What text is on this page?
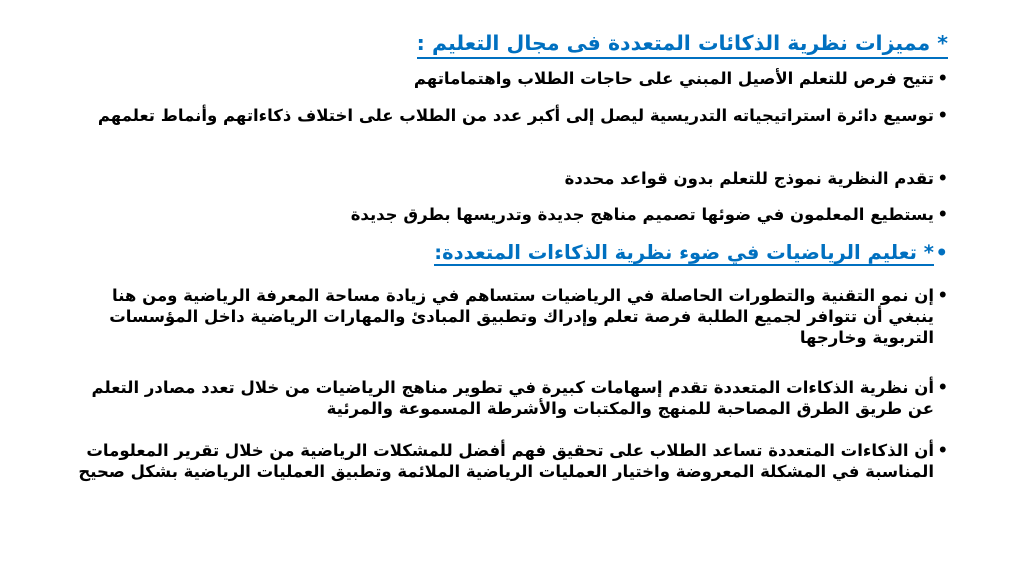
* مميزات نظرية الذكائات المتعددة فى مجال التعليم :
• تتيح فرص للتعلم الأصيل المبني على حاجات الطلاب واهتماماتهم
• توسيع دائرة استراتيجياته التدريسية ليصل إلى أكبر عدد من الطلاب على اختلاف ذكاءاتهم وأنماط تعلمهم
• تقدم النظرية نموذج للتعلم بدون قواعد محددة
• يستطيع المعلمون في ضوئها تصميم مناهج جديدة وتدريسها بطرق جديدة
• * تعليم الرياضيات في ضوء نظرية الذكاءات المتعددة:
• إن نمو التقنية والتطورات الحاصلة في الرياضيات ستساهم في زيادة مساحة المعرفة الرياضية ومن هنا ينبغي أن تتوافر لجميع الطلبة فرصة تعلم وإدراك وتطبيق المبادئ والمهارات الرياضية داخل المؤسسات التربوية وخارجها
• أن نظرية الذكاءات المتعددة تقدم إسهامات كبيرة في تطوير مناهج الرياضيات من خلال تعدد مصادر التعلم عن طريق الطرق المصاحبة للمنهج والمكتبات والأشرطة المسموعة والمرئية
• أن الذكاءات المتعددة تساعد الطلاب على تحقيق فهم أفضل للمشكلات الرياضية من خلال تقرير المعلومات المناسبة في المشكلة المعروضة واختيار العمليات الرياضية الملائمة وتطبيق العمليات الرياضية بشكل صحيح
